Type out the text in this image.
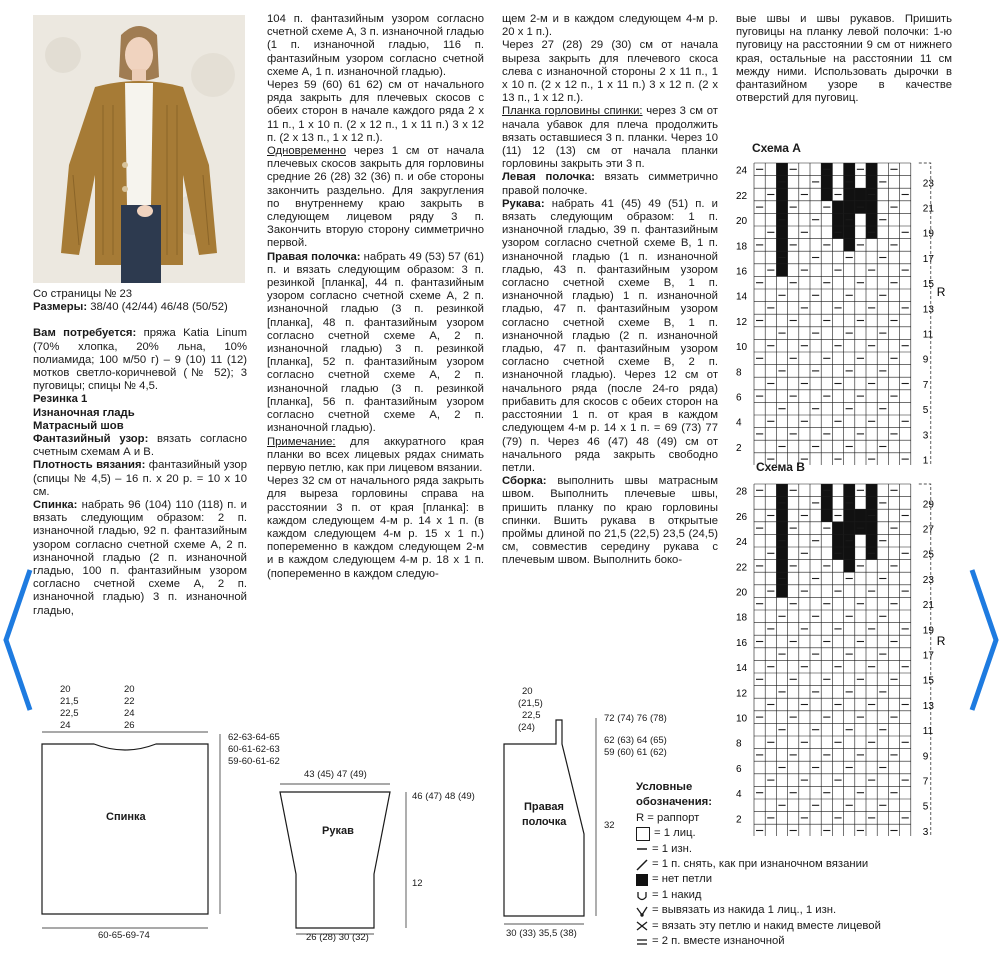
Со страницы № 23

Размеры: 38/40 (42/44) 46/48 (50/52)

Вам потребуется: пряжа Katia Linum (70% хлопка, 20% льна, 10% полиамида; 100 м/50 г) – 9 (10) 11 (12) мотков светло-коричневой (№ 52); 3 пуговицы; спицы № 4,5.

Резинка 1

Изнаночная гладь

Матрасный шов

Фантазийный узор: вязать согласно счетным схемам А и В.

Плотность вязания: фантазийный узор (спицы № 4,5) – 16 п. х 20 р. = 10 х 10 см.

Спинка: набрать 96 (104) 110 (118) п. и вязать следующим образом: 2 п. изнаночной гладью, 92 п. фантазийным узором согласно счетной схеме А, 2 п. изнаночной гладью (2 п. изнаночной гладью, 100 п. фантазийным узором согласно счетной схеме А, 2 п. изнаночной гладью) 3 п. изнаночной гладью,

104 п. фантазийным узором согласно счетной схеме А, 3 п. изнаночной гладью (1 п. изнаночной гладью, 116 п. фантазийным узором согласно счетной схеме А, 1 п. изнаночной гладью).

Через 59 (60) 61 62) см от начального ряда закрыть для плечевых скосов с обеих сторон в начале каждого ряда 2 х 11 п., 1 х 10 п. (2 х 12 п., 1 х 11 п.) 3 х 12 п. (2 х 13 п., 1 х 12 п.).

Одновременно через 1 см от начала плечевых скосов закрыть для горловины средние 26 (28) 32 (36) п. и обе стороны закончить раздельно. Для закругления по внутреннему краю закрыть в следующем лицевом ряду 3 п. Закончить вторую сторону симметрично первой.

Правая полочка: набрать 49 (53) 57 (61) п. и вязать следующим образом: 3 п. резинкой [планка], 44 п. фантазийным узором согласно счетной схеме А, 2 п. изнаночной гладью (3 п. резинкой [планка], 48 п. фантазийным узором согласно счетной схеме А, 2 п. изнаночной гладью) 3 п. резинкой [планка], 52 п. фантазийным узором согласно счетной схеме А, 2 п. изнаночной гладью (3 п. резинкой [планка], 56 п. фантазийным узором согласно счетной схеме А, 2 п. изнаночной гладью).

Примечание: для аккуратного края планки во всех лицевых рядах снимать первую петлю, как при лицевом вязании.

Через 32 см от начального ряда закрыть для выреза горловины справа на расстоянии 3 п. от края [планка]: в каждом следующем 4-м р. 14 х 1 п. (в каждом следующем 4-м р. 15 х 1 п.) попеременно в каждом следующем 2-м и в каждом следующем 4-м р. 18 х 1 п. (попеременно в каждом следую-

щем 2-м и в каждом следующем 4-м р. 20 х 1 п.).

Через 27 (28) 29 (30) см от начала выреза закрыть для плечевого скоса слева с изнаночной стороны 2 х 11 п., 1 х 10 п. (2 х 12 п., 1 х 11 п.) 3 х 12 п. (2 х 13 п., 1 х 12 п.).

Планка горловины спинки: через 3 см от начала убавок для плеча продолжить вязать оставшиеся 3 п. планки. Через 10 (11) 12 (13) см от начала планки горловины закрыть эти 3 п.

Левая полочка: вязать симметрично правой полочке.

Рукава: набрать 41 (45) 49 (51) п. и вязать следующим образом: 1 п. изнаночной гладью, 39 п. фантазийным узором согласно счетной схеме В, 1 п. изнаночной гладью (1 п. изнаночной гладью, 43 п. фантазийным узором согласно счетной схеме В, 1 п. изнаночной гладью) 1 п. изнаночной гладью, 47 п. фантазийным узором согласно счетной схеме В, 1 п. изнаночной гладью (2 п. изнаночной гладью, 47 п. фантазийным узором согласно счетной схеме В, 2 п. изнаночной гладью). Через 12 см от начального ряда (после 24-го ряда) прибавить для скосов с обеих сторон на расстоянии 1 п. от края в каждом следующем 4-м р. 14 х 1 п. = 69 (73) 77 (79) п. Через 46 (47) 48 (49) см от начального ряда закрыть свободно петли.

Сборка: выполнить швы матрасным швом. Выполнить плечевые швы, пришить планку по краю горловины спинки. Вшить рукава в открытые проймы длиной по 21,5 (22,5) 23,5 (24,5) см, совместив середину рукава с плечевым швом. Выполнить боко-

вые швы и швы рукавов. Пришить пуговицы на планку левой полочки: 1-ю пуговицу на расстоянии 9 см от нижнего края, остальные на расстоянии 11 см между ними. Использовать дырочки в фантазийном узоре в качестве отверстий для пуговиц.

Схема А
24
22
20
18
16
14
12
10
8
6
4
2
23
21
19
17
15
13
11
9
7
5
3
1
R
Схема В
28
26
24
22
20
18
16
14
12
10
8
6
4
2
29
27
25
23
21
19
17
15
13
11
9
7
5
3
R
20
21,5
22,5
24
20
22
24
26
62-63-64-65
60-61-62-63
59-60-61-62
60-65-69-74
Спинка
43 (45) 47 (49)
46 (47) 48 (49)
12
26 (28) 30 (32)
Рукав
20
(21,5)
22,5
(24)
72 (74) 76 (78)
62 (63) 64 (65)
59 (60) 61 (62)
32
30 (33) 35,5 (38)
Правая
полочка
Условные
обозначения:
R = раппорт
= 1 лиц.
= 1 изн.
= 1 п. снять, как при изнаночном вязании
= нет петли
= 1 накид
= вывязать из накида 1 лиц., 1 изн.
= вязать эту петлю и накид вместе лицевой
= 2 п. вместе изнаночной
